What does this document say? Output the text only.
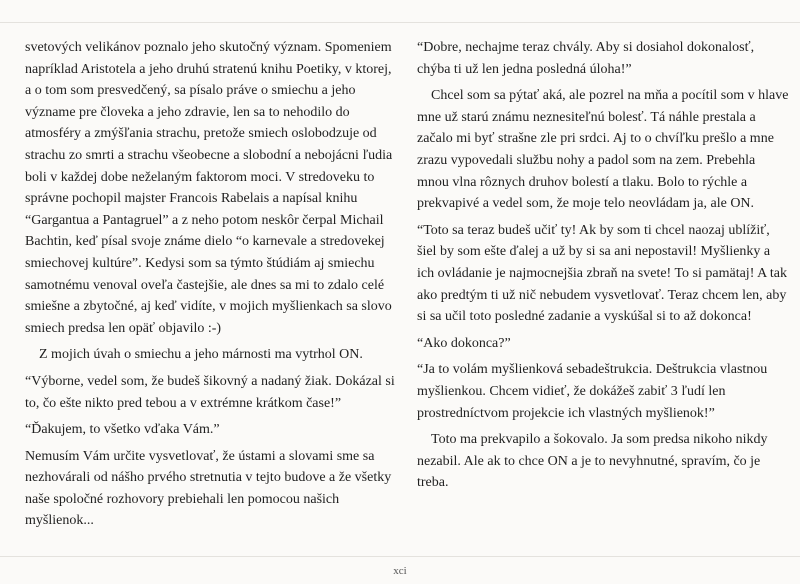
svetových velikánov poznalo jeho skutočný význam. Spomeniem napríklad Aristotela a jeho druhú stratenú knihu Poetiky, v ktorej, a o tom som presvedčený, sa písalo práve o smiechu a jeho význame pre človeka a jeho zdravie, len sa to nehodilo do atmosféry a zmýšľania strachu, pretože smiech oslobodzuje od strachu zo smrti a strachu všeobecne a slobodní a nebojácni ľudia boli v každej dobe neželaným faktorom moci. V stredoveku to správne pochopil majster Francois Rabelais a napísal knihu “Gargantua a Pantagruel” a z neho potom neskôr čerpal Michail Bachtin, keď písal svoje známe dielo “o karnevale a stredovekej smiechovej kultúre”. Kedysi som sa týmto štúdiám aj smiechu samotnému venoval oveľa častejšie, ale dnes sa mi to zdalo celé smiešne a zbytočné, aj keď vidíte, v mojich myšlienkach sa slovo smiech predsa len opäť objavilo :-)

Z mojich úvah o smiechu a jeho márnosti ma vytrhol ON.

“Výborne, vedel som, že budeš šikovný a nadaný žiak. Dokázal si to, čo ešte nikto pred tebou a v extrémne krátkom čase!”

“Ďakujem, to všetko vďaka Vám.”

Nemusím Vám určite vysvetlovať, že ústami a slovami sme sa nezhovárali od nášho prvého stretnutia v tejto budove a že všetky naše spoločné rozhovory prebiehali len pomocou našich myšlienok...

“Dobre, nechajme teraz chvály. Aby si dosiahol dokonalosť, chýba ti už len jedna posledná úloha!”

Chcel som sa pýtať aká, ale pozrel na mňa a pocítil som v hlave mne už starú známu neznesiteľnú bolesť. Tá náhle prestala a začalo mi byť strašne zle pri srdci. Aj to o chvíľku prešlo a mne zrazu vypovedali službu nohy a padol som na zem. Prebehla mnou vlna rôznych druhov bolestí a tlaku. Bolo to rýchle a prekvapivé a vedel som, že moje telo neovládam ja, ale ON.

“Toto sa teraz budeš učiť ty! Ak by som ti chcel naozaj ublížiť, šiel by som ešte ďalej a už by si sa ani nepostavil! Myšlienky a ich ovládanie je najmocnejšia zbraň na svete! To si pamätaj! A tak ako predtým ti už nič nebudem vysvetlovať. Teraz chcem len, aby si sa učil toto posledné zadanie a vyskúšal si to až dokonca!

“Ako dokonca?”

“Ja to volám myšlienková sebadeštrukcia. Deštrukcia vlastnou myšlienkou. Chcem vidieť, že dokážeš zabiť 3 ľudí len prostredníctvom projekcie ich vlastných myšlienok!”

Toto ma prekvapilo a šokovalo. Ja som predsa nikoho nikdy nezabil. Ale ak to chce ON a je to nevyhnutné, spravím, čo je treba.

xci
